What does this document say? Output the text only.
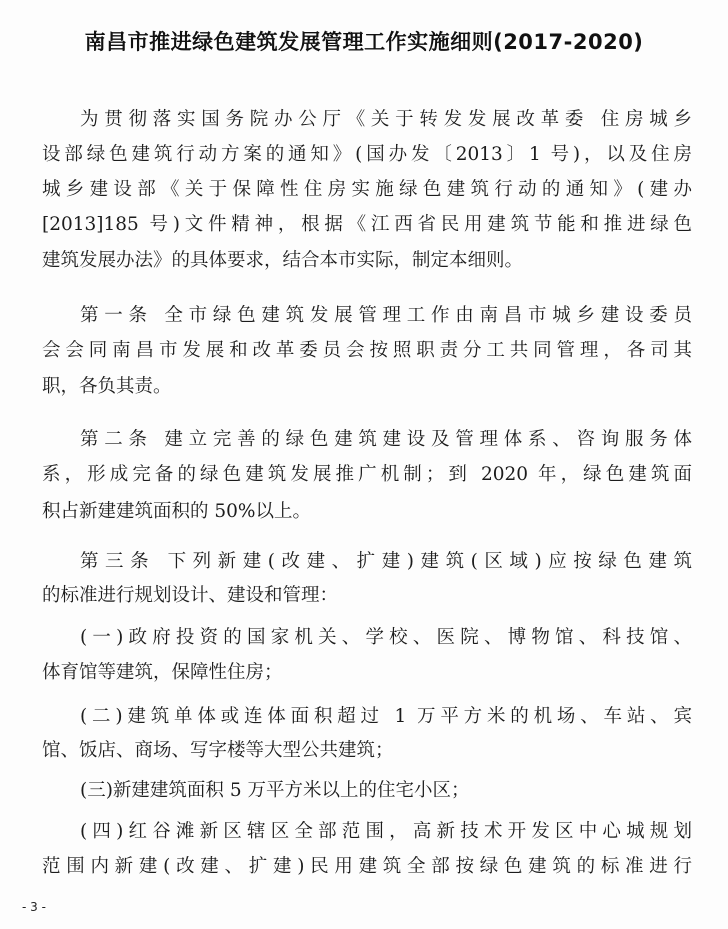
南昌市推进绿色建筑发展管理工作实施细则(2017-2020)
为贯彻落实国务院办公厅《关于转发发展改革委 住房城乡
设部绿色建筑行动方案的通知》(国办发〔2013〕1 号)，以及住房
城乡建设部《关于保障性住房实施绿色建筑行动的通知》(建办
[2013]185 号)文件精神，根据《江西省民用建筑节能和推进绿色
建筑发展办法》的具体要求，结合本市实际，制定本细则。
第一条 全市绿色建筑发展管理工作由南昌市城乡建设委员
会会同南昌市发展和改革委员会按照职责分工共同管理，各司其
职，各负其责。
第二条 建立完善的绿色建筑建设及管理体系、咨询服务体
系，形成完备的绿色建筑发展推广机制；到 2020 年，绿色建筑面
积占新建建筑面积的 50%以上。
第三条 下列新建(改建、扩建)建筑(区域)应按绿色建筑
的标准进行规划设计、建设和管理：
(一)政府投资的国家机关、学校、医院、博物馆、科技馆、
体育馆等建筑，保障性住房；
(二)建筑单体或连体面积超过 1 万平方米的机场、车站、宾
馆、饭店、商场、写字楼等大型公共建筑；
(三)新建建筑面积 5 万平方米以上的住宅小区；
(四)红谷滩新区辖区全部范围，高新技术开发区中心城规划
范围内新建(改建、扩建)民用建筑全部按绿色建筑的标准进行
- 3 -
